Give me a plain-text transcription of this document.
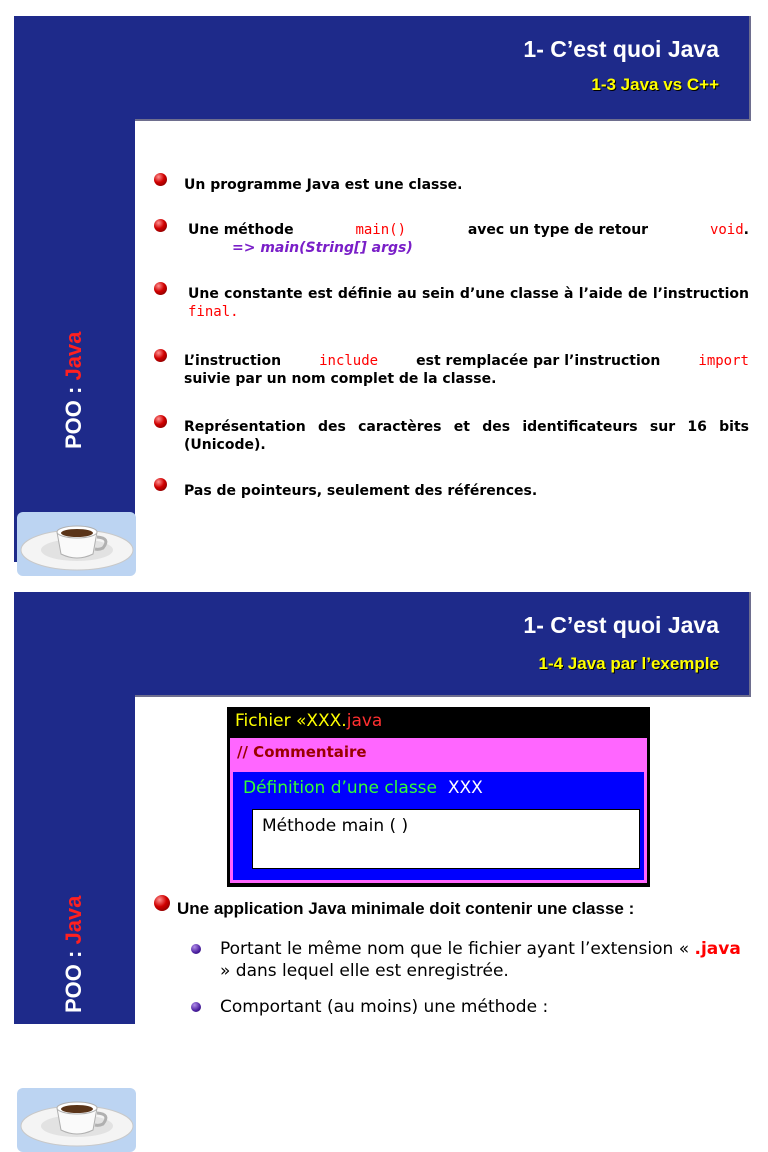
1- C’est quoi Java
1-3 Java vs C++
POO : Java
Un programme Java est une classe.
Une méthode	main()	avec un type de retour	void.
=> main(String[] args)
Une constante est définie au sein d’une classe à l’aide de l’instruction final.
L’instruction	include	est remplacée par l’instruction	import
suivie par un nom complet de la classe.
Représentation des caractères et des identificateurs sur 16 bits (Unicode).
Pas de pointeurs, seulement des références.
1- C’est quoi Java
1-4 Java par l’exemple
POO : Java
Fichier «XXX.java
// Commentaire
Définition d’une classe XXX
Méthode main ( )
Une application Java minimale doit contenir une classe :
Portant le même nom que le fichier ayant l’extension « .java » dans lequel elle est enregistrée.
Comportant (au moins) une méthode :
